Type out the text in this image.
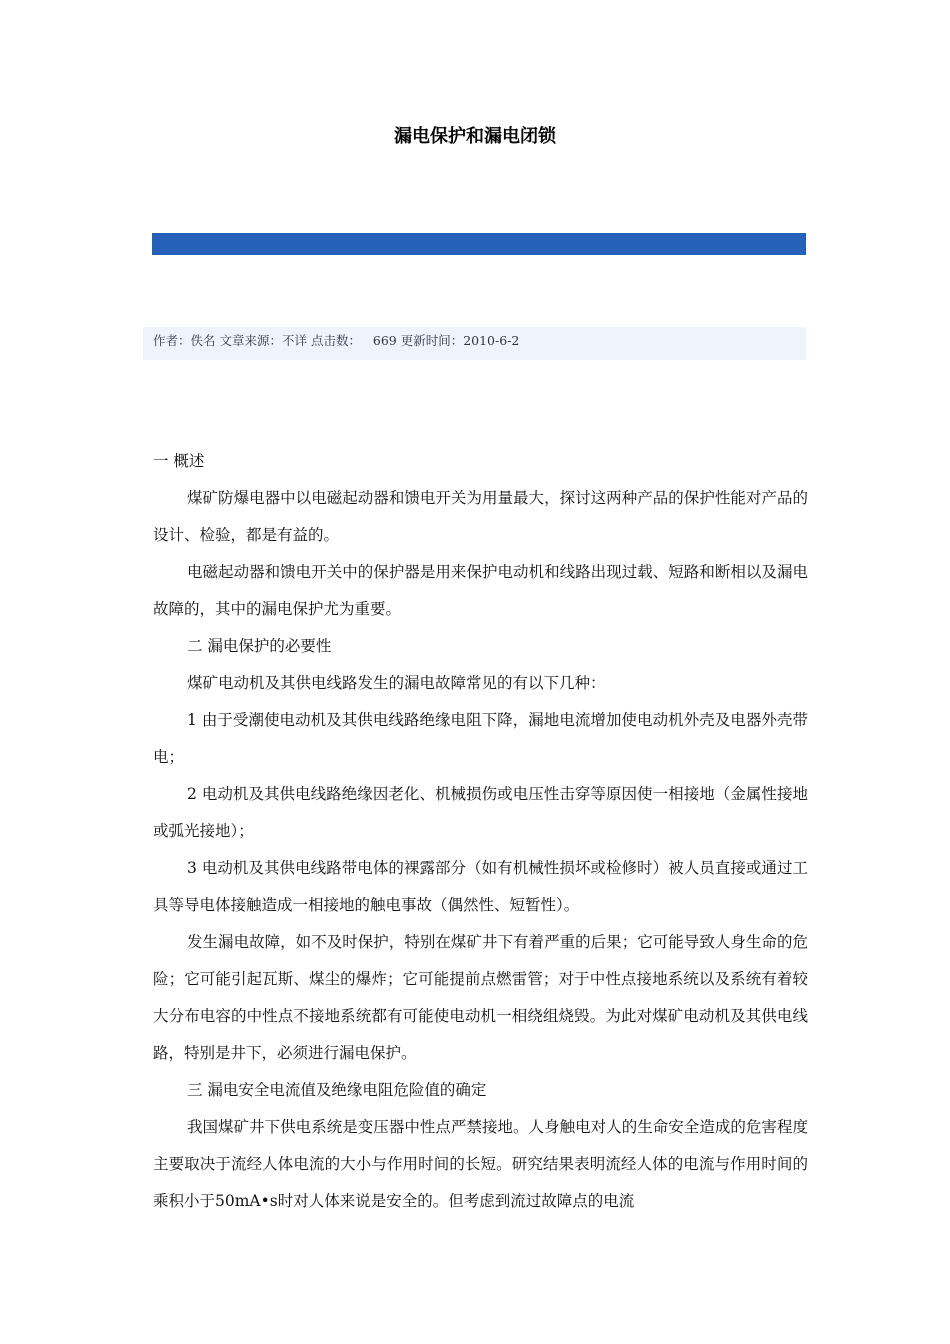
漏电保护和漏电闭锁
作者：佚名 文章来源：不详 点击数：   669 更新时间：2010-6-2

一 概述

煤矿防爆电器中以电磁起动器和馈电开关为用量最大，探讨这两种产品的保护性能对产品的设计、检验，都是有益的。

电磁起动器和馈电开关中的保护器是用来保护电动机和线路出现过载、短路和断相以及漏电故障的，其中的漏电保护尤为重要。

二 漏电保护的必要性

煤矿电动机及其供电线路发生的漏电故障常见的有以下几种：

1 由于受潮使电动机及其供电线路绝缘电阻下降，漏地电流增加使电动机外壳及电器外壳带电；

2 电动机及其供电线路绝缘因老化、机械损伤或电压性击穿等原因使一相接地（金属性接地或弧光接地）；

3 电动机及其供电线路带电体的裸露部分（如有机械性损坏或检修时）被人员直接或通过工具等导电体接触造成一相接地的触电事故（偶然性、短暂性）。

发生漏电故障，如不及时保护，特别在煤矿井下有着严重的后果；它可能导致人身生命的危险；它可能引起瓦斯、煤尘的爆炸；它可能提前点燃雷管；对于中性点接地系统以及系统有着较大分布电容的中性点不接地系统都有可能使电动机一相绕组烧毁。为此对煤矿电动机及其供电线路，特别是井下，必须进行漏电保护。

三 漏电安全电流值及绝缘电阻危险值的确定

我国煤矿井下供电系统是变压器中性点严禁接地。人身触电对人的生命安全造成的危害程度主要取决于流经人体电流的大小与作用时间的长短。研究结果表明流经人体的电流与作用时间的乘积小于50mA•s时对人体来说是安全的。但考虑到流过故障点的电流
